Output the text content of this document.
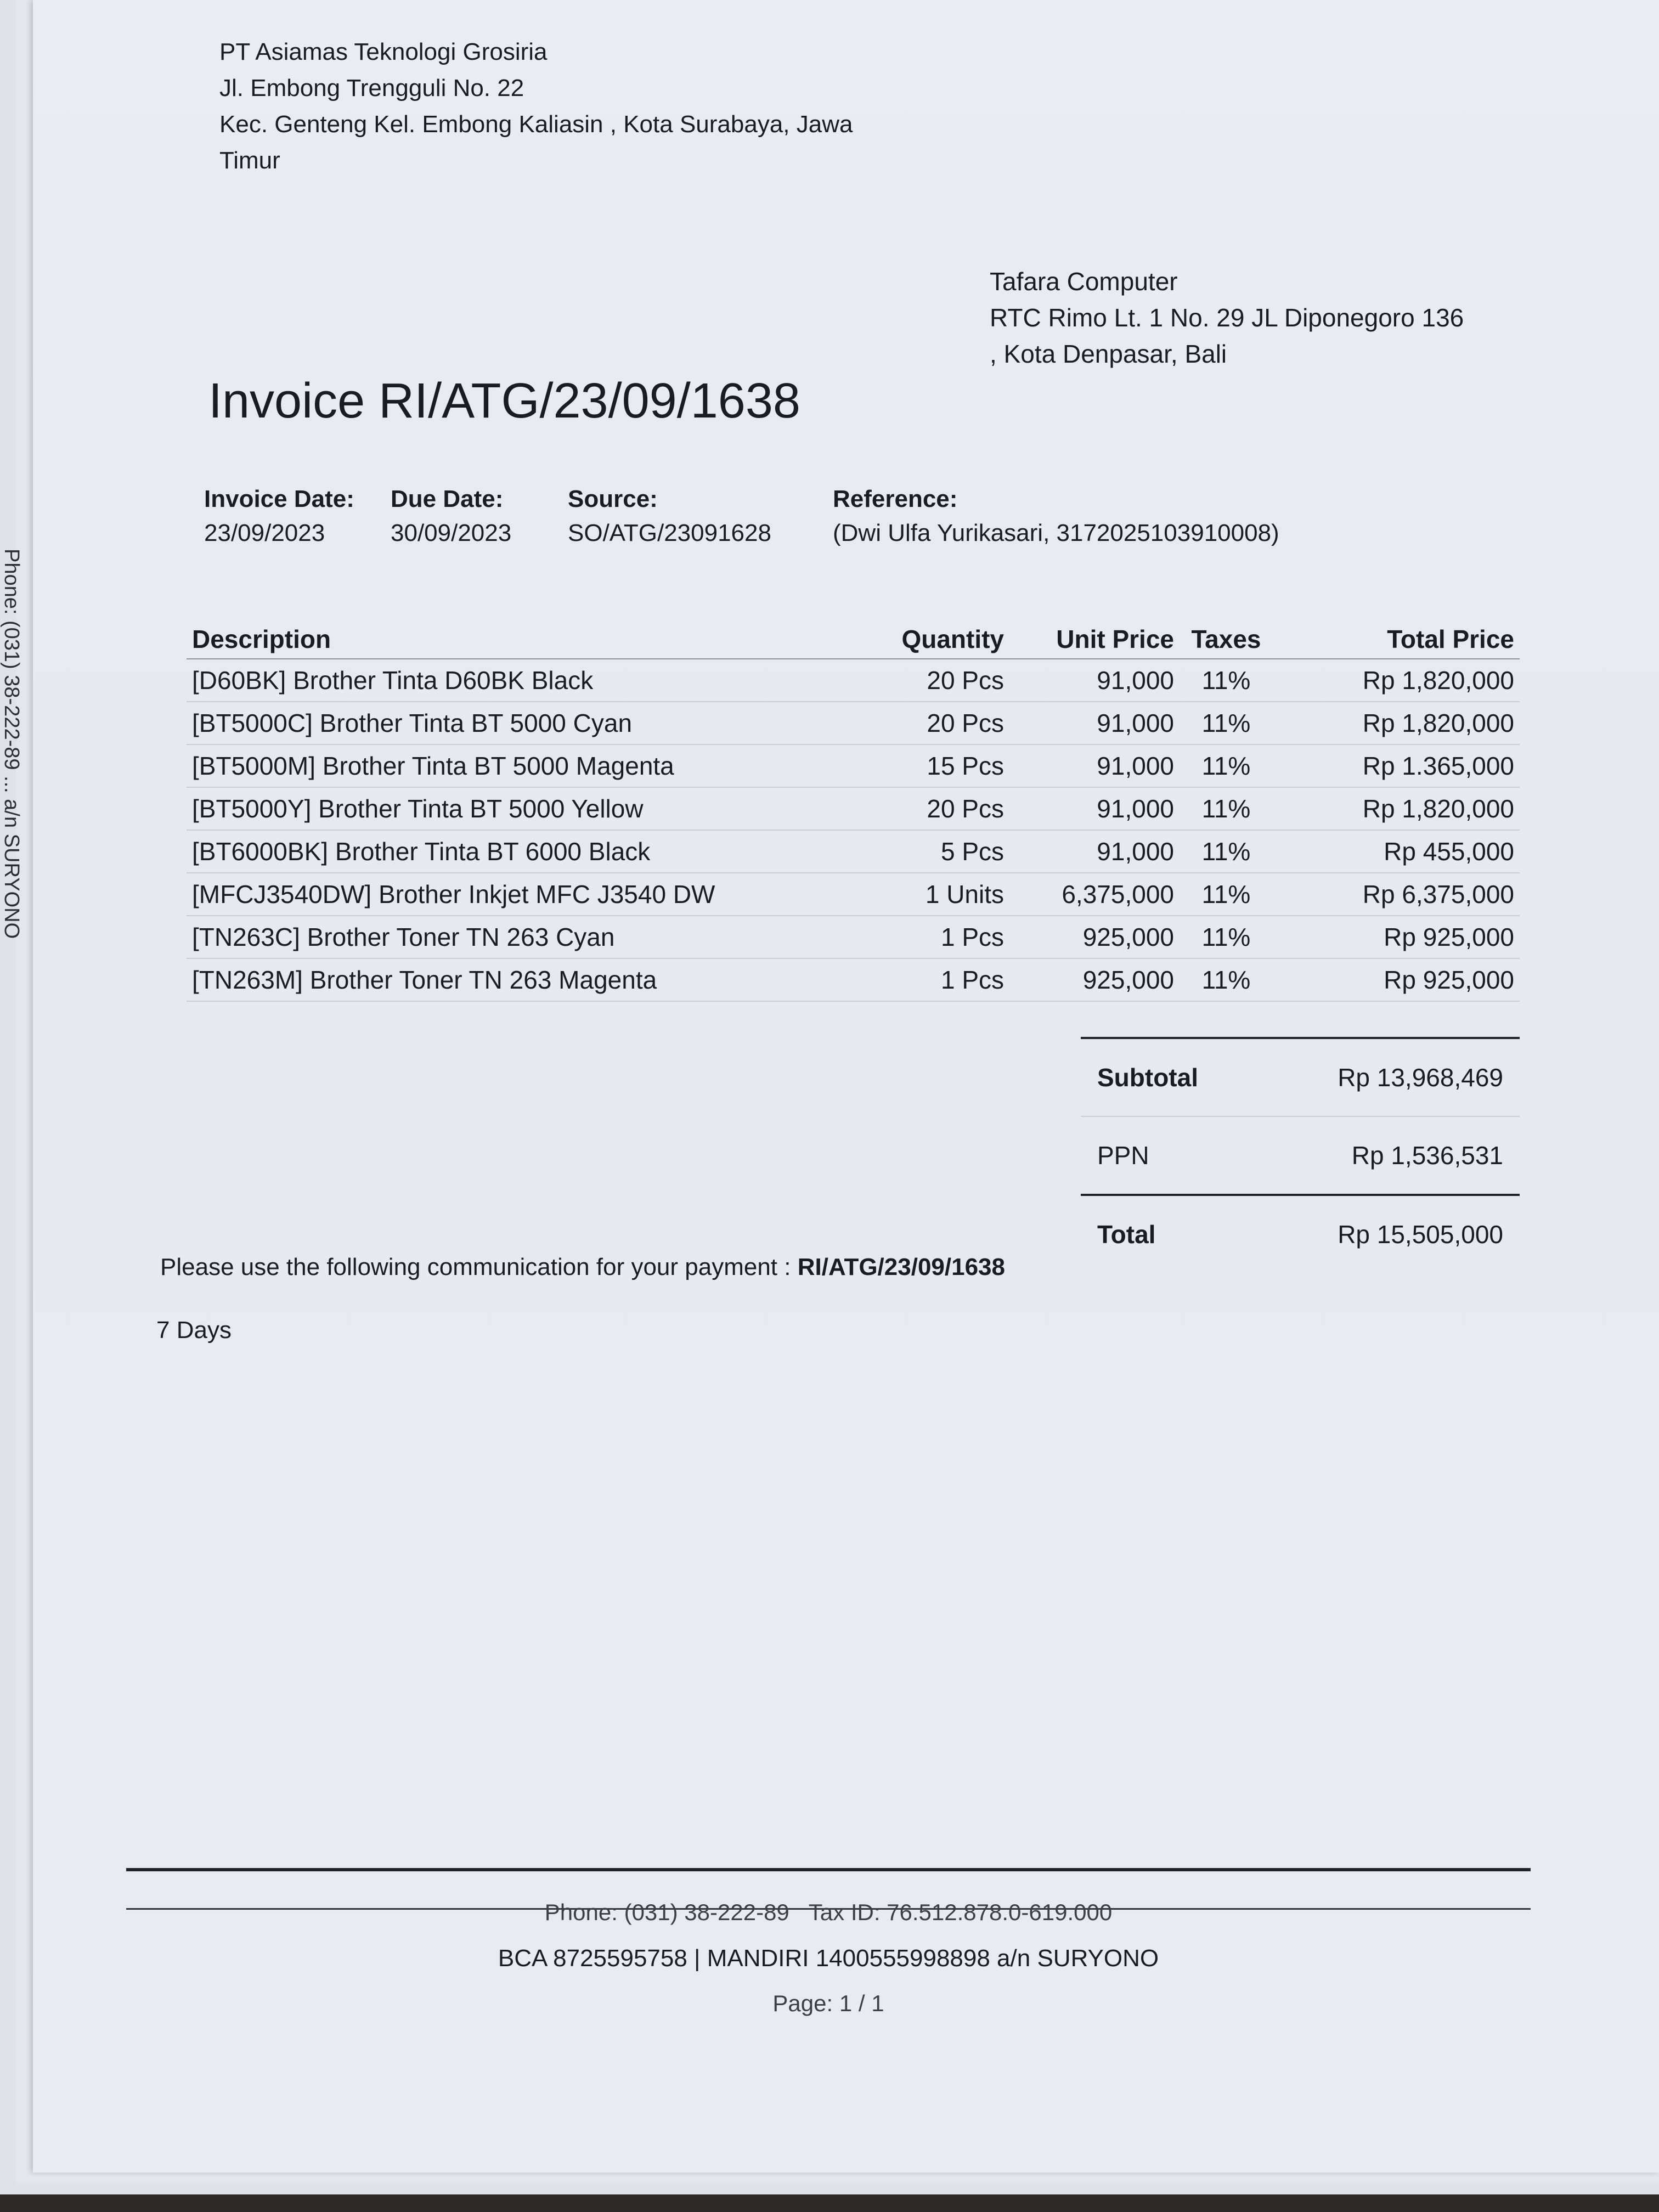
Phone: (031) 38-222-89 ... a/n SURYONO
PT Asiamas Teknologi Grosiria
Jl. Embong Trengguli No. 22
Kec. Genteng Kel. Embong Kaliasin , Kota Surabaya, Jawa
Timur
Tafara Computer
RTC Rimo Lt. 1 No. 29 JL Diponegoro 136
, Kota Denpasar, Bali
Invoice RI/ATG/23/09/1638
Invoice Date:
23/09/2023
Due Date:
30/09/2023
Source:
SO/ATG/23091628
Reference:
(Dwi Ulfa Yurikasari, 3172025103910008)
Description	Quantity	Unit Price	Taxes	Total Price
[D60BK] Brother Tinta D60BK Black	20 Pcs	91,000	11%	Rp 1,820,000
[BT5000C] Brother Tinta BT 5000 Cyan	20 Pcs	91,000	11%	Rp 1,820,000
[BT5000M] Brother Tinta BT 5000 Magenta	15 Pcs	91,000	11%	Rp 1.365,000
[BT5000Y] Brother Tinta BT 5000 Yellow	20 Pcs	91,000	11%	Rp 1,820,000
[BT6000BK] Brother Tinta BT 6000 Black	5 Pcs	91,000	11%	Rp 455,000
[MFCJ3540DW] Brother Inkjet MFC J3540 DW	1 Units	6,375,000	11%	Rp 6,375,000
[TN263C] Brother Toner TN 263 Cyan	1 Pcs	925,000	11%	Rp 925,000
[TN263M] Brother Toner TN 263 Magenta	1 Pcs	925,000	11%	Rp 925,000
Subtotal	Rp 13,968,469
PPN	Rp 1,536,531
Total	Rp 15,505,000
Please use the following communication for your payment : RI/ATG/23/09/1638
7 Days
Phone: (031) 38-222-89 Tax ID: 76.512.878.0-619.000
BCA 8725595758 | MANDIRI 1400555998898 a/n SURYONO
Page: 1 / 1
